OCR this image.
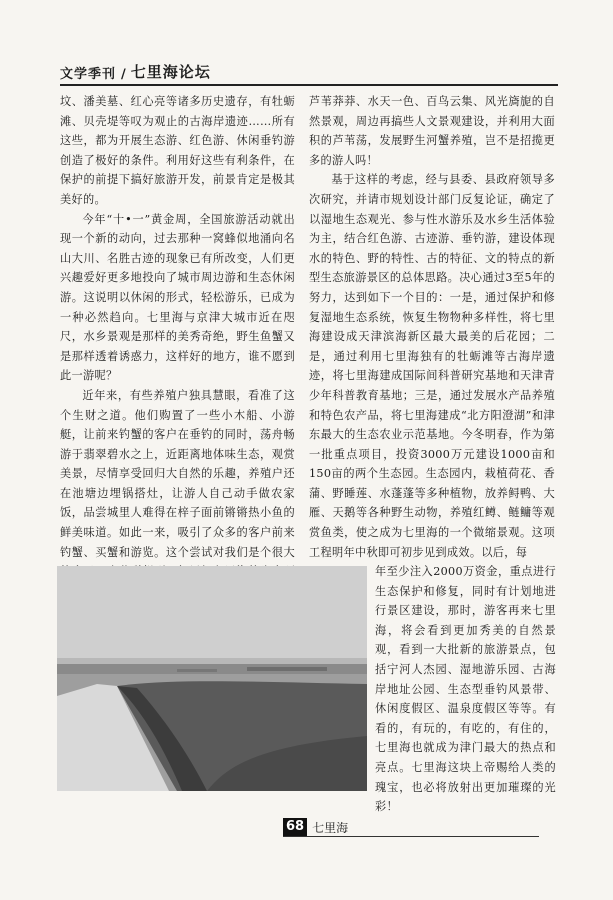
文学季刊 / 七里海论坛

坟、潘美墓、红心亮等诸多历史遗存，有牡蛎滩、贝壳堤等叹为观止的古海岸遗迹……所有这些，都为开展生态游、红色游、休闲垂钓游创造了极好的条件。利用好这些有利条件，在保护的前提下搞好旅游开发，前景肯定是极其美好的。

今年“十•一”黄金周，全国旅游活动就出现一个新的动向，过去那种一窝蜂似地涌向名山大川、名胜古迹的现象已有所改变，人们更兴趣爱好更多地投向了城市周边游和生态休闲游。这说明以休闲的形式，轻松游乐，已成为一种必然趋向。七里海与京津大城市近在咫尺，水乡景观是那样的美秀奇绝，野生鱼蟹又是那样透着诱惑力，这样好的地方，谁不愿到此一游呢？

近年来，有些养殖户独具慧眼，看准了这个生财之道。他们购置了一些小木船、小游艇，让前来钓蟹的客户在垂钓的同时，荡舟畅游于翡翠碧水之上，近距离地体味生态，观赏美景，尽情享受回归大自然的乐趣，养殖户还在池塘边埋锅搭灶，让游人自己动手做农家饭，品尝城里人难得在梓子面前锵锵热小鱼的鲜美味道。如此一来，吸引了众多的客户前来钓蟹、买蟹和游览。这个尝试对我们是个很大

芦苇莽莽、水天一色、百鸟云集、风光旖旎的自然景观，周边再搞些人文景观建设，并利用大面积的芦苇荡，发展野生河蟹养殖，岂不是招揽更多的游人吗！

基于这样的考虑，经与县委、县政府领导多次研究，并请市规划设计部门反复论证，确定了以湿地生态观光、参与性水游乐及水乡生活体验为主，结合红色游、古迹游、垂钓游，建设体现水的特色、野的特性、古的特征、文的特点的新型生态旅游景区的总体思路。决心通过3至5年的努力，达到如下一个目的：一是，通过保护和修复湿地生态系统，恢复生物物种多样性，将七里海建设成天津滨海新区最大最美的后花园；二是，通过利用七里海独有的牡蛎滩等古海岸遗迹，将七里海建成国际间科普研究基地和天津青少年科普教育基地；三是，通过发展水产品养殖和特色农产品，将七里海建成“北方阳澄湖”和津东最大的生态农业示范基地。今冬明春，作为第一批重点项目，投资3000万元建设1000亩和150亩的两个生态园。生态园内，栽植荷花、香蒲、野睡莲、水蓬蓬等多种植物，放养鲟鸭、大雁、天鹅等各种野生动物，养殖红鳟、鲢鳙等观赏鱼类，使之成为七里海的一个微缩景观。这项工程明年中秋即可初步见到成效。以后，每

年至少注入2000万资金，重点进行生态保护和修复，同时有计划地进行景区建设，那时，游客再来七里海，将会看到更加秀美的自然景观，看到一大批新的旅游景点，包括宁河人杰园、湿地游乐园、古海岸地址公园、生态型垂钓风景带、休闲度假区、温泉度假区等等。有看的，有玩的，有吃的，有住的，七里海也就成为津门最大的热点和亮点。七里海这块上帝赐给人类的瑰宝，也必将放射出更加璀璨的光彩！

68 七里海
